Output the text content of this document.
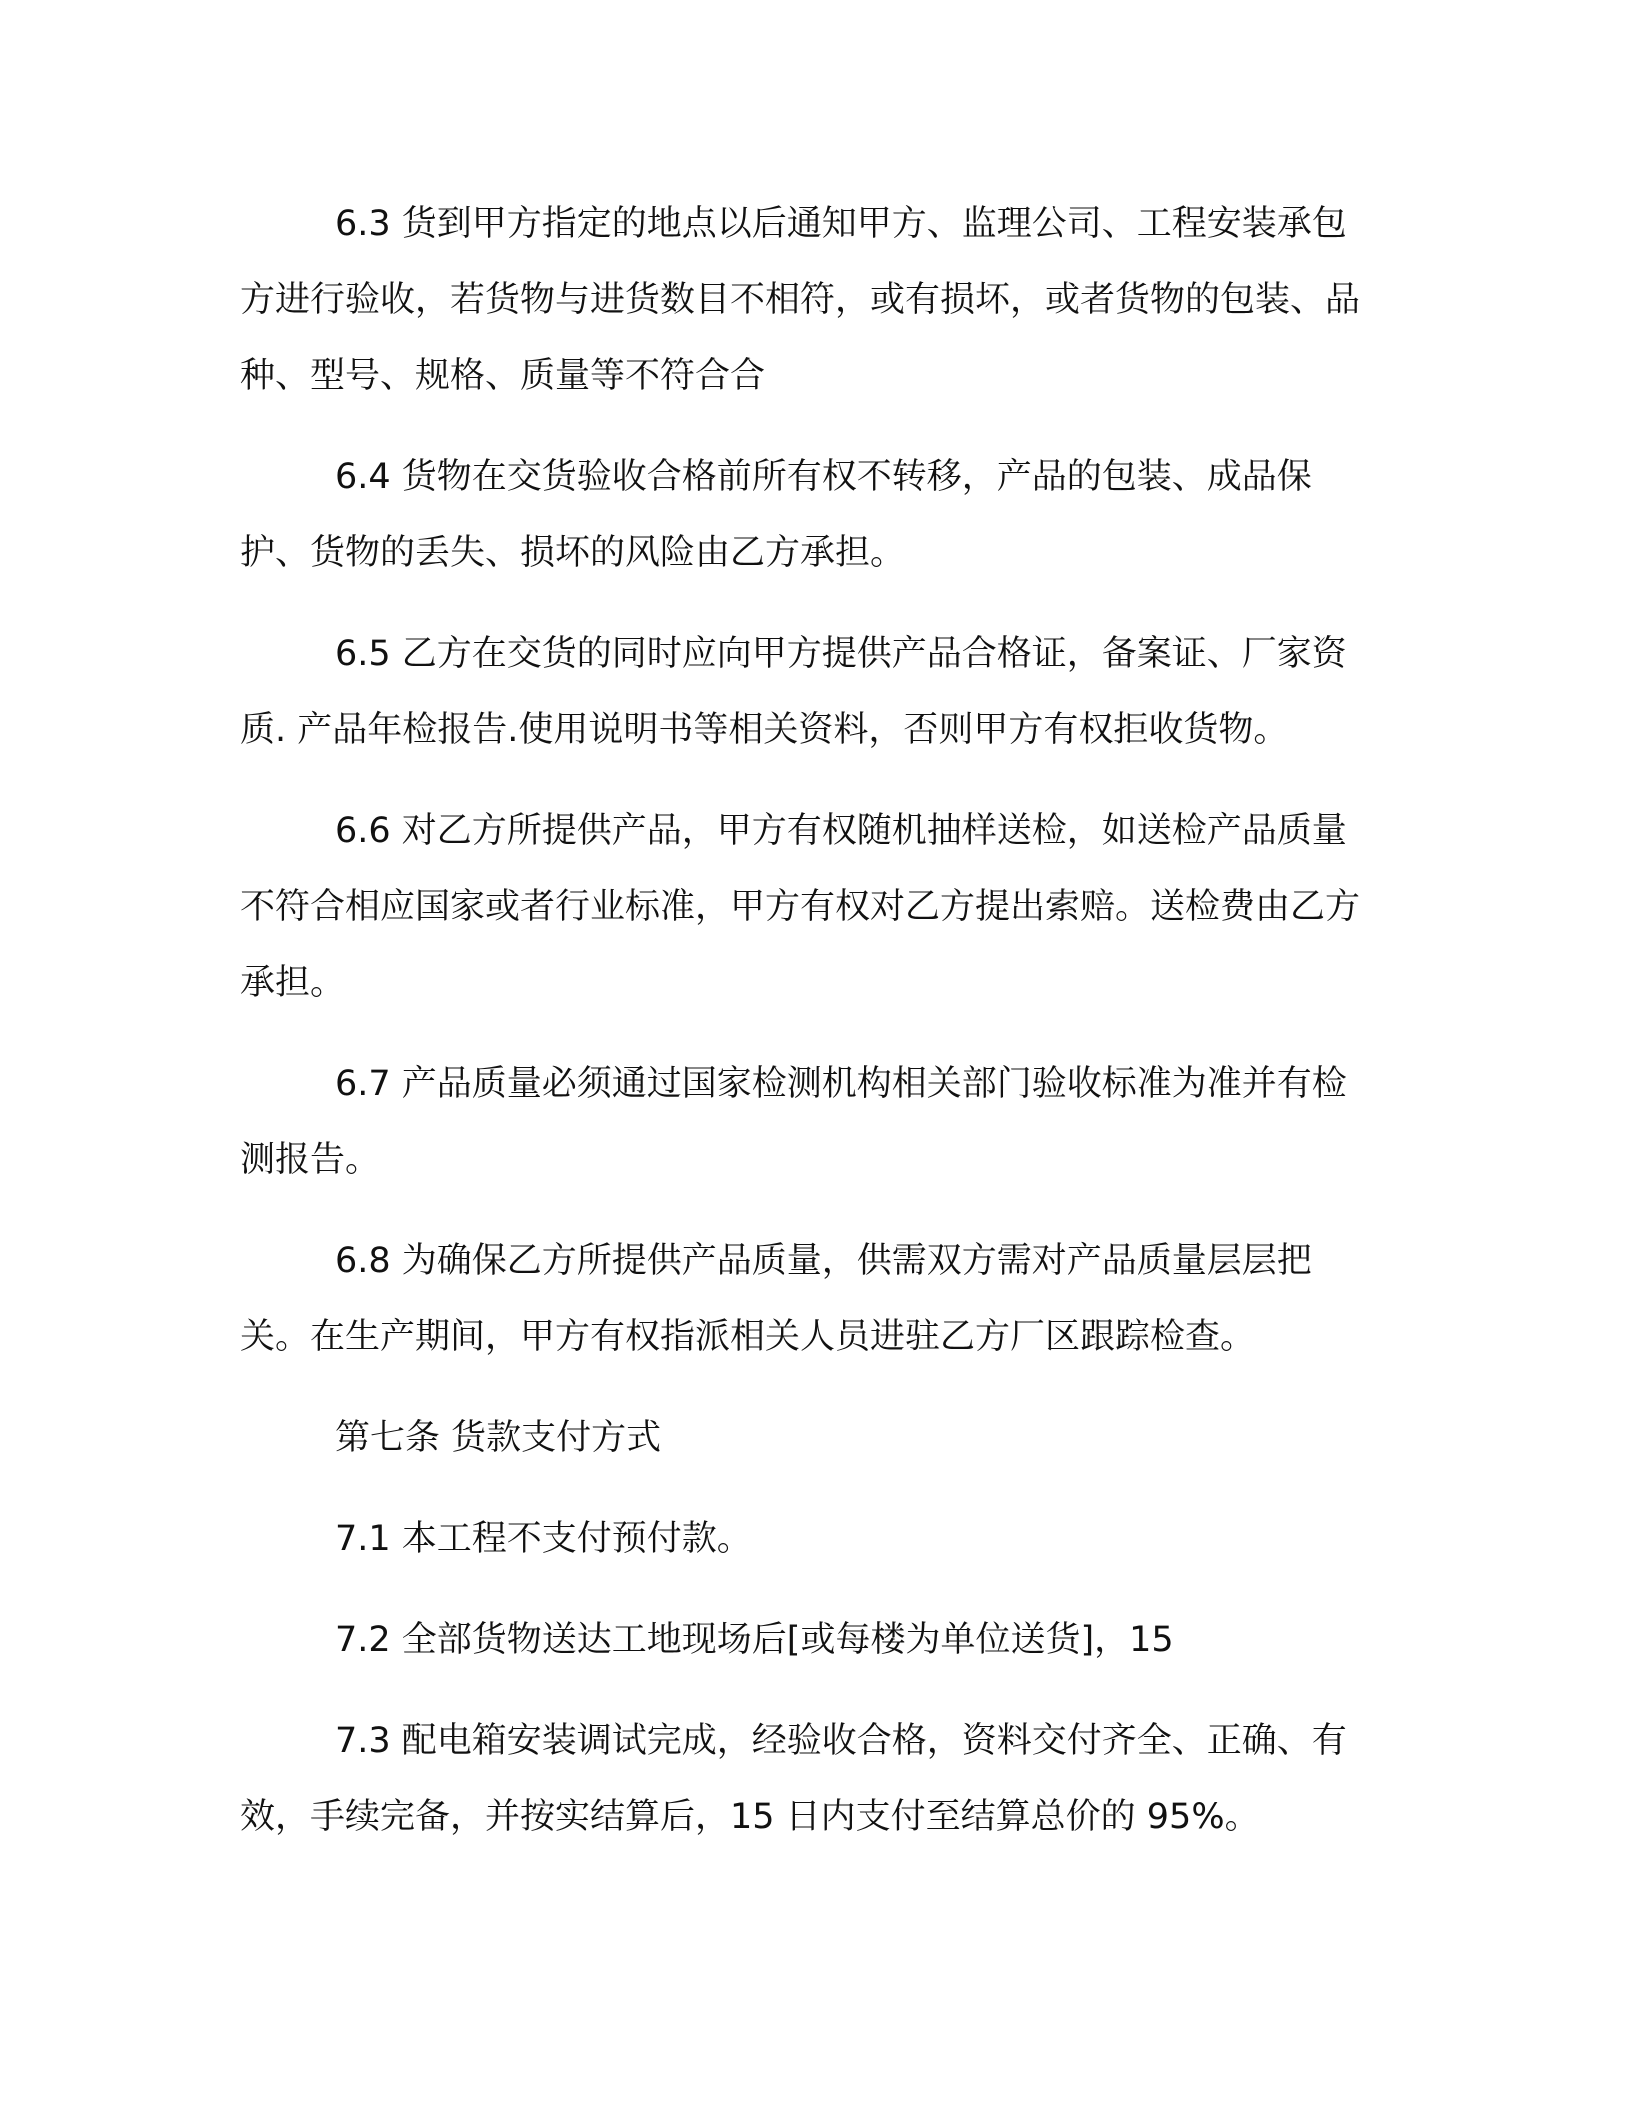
6.3 货到甲方指定的地点以后通知甲方、监理公司、工程安装承包方进行验收，若货物与进货数目不相符，或有损坏，或者货物的包装、品种、型号、规格、质量等不符合合

6.4 货物在交货验收合格前所有权不转移，产品的包装、成品保护、货物的丢失、损坏的风险由乙方承担。

6.5 乙方在交货的同时应向甲方提供产品合格证，备案证、厂家资质. 产品年检报告.使用说明书等相关资料，否则甲方有权拒收货物。

6.6 对乙方所提供产品，甲方有权随机抽样送检，如送检产品质量不符合相应国家或者行业标准，甲方有权对乙方提出索赔。送检费由乙方承担。

6.7 产品质量必须通过国家检测机构相关部门验收标准为准并有检测报告。

6.8 为确保乙方所提供产品质量，供需双方需对产品质量层层把关。在生产期间，甲方有权指派相关人员进驻乙方厂区跟踪检查。

第七条 货款支付方式

7.1 本工程不支付预付款。

7.2 全部货物送达工地现场后[或每楼为单位送货]，15

7.3 配电箱安装调试完成，经验收合格，资料交付齐全、正确、有效，手续完备，并按实结算后，15 日内支付至结算总价的 95%。
